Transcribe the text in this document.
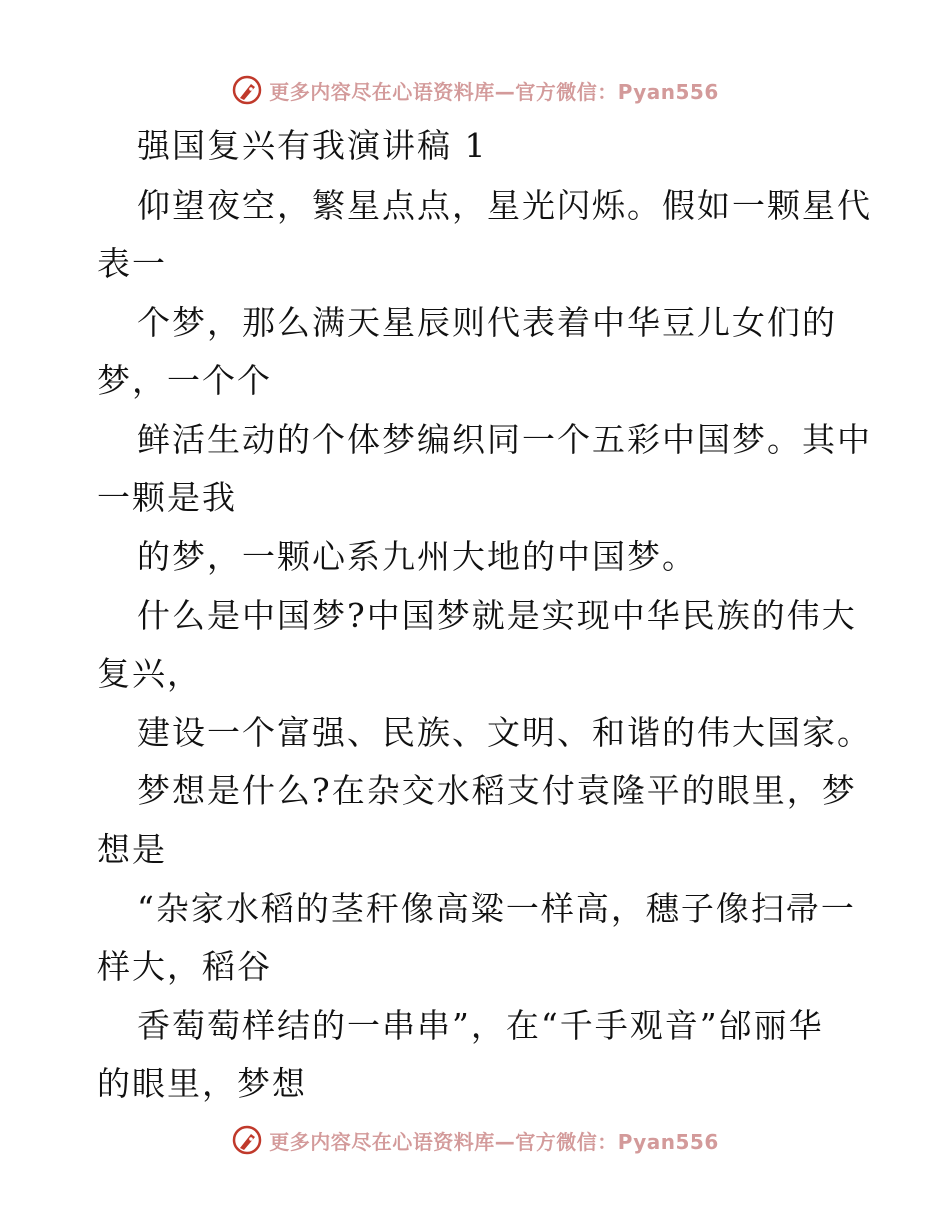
更多内容尽在心语资料库—官方微信：Pyan556
强国复兴有我演讲稿 1
仰望夜空，繁星点点，星光闪烁。假如一颗星代
表一
个梦，那么满天星辰则代表着中华豆儿女们的
梦，一个个
鲜活生动的个体梦编织同一个五彩中国梦。其中
一颗是我
的梦，一颗心系九州大地的中国梦。
什么是中国梦?中国梦就是实现中华民族的伟大
复兴，
建设一个富强、民族、文明、和谐的伟大国家。
梦想是什么?在杂交水稻支付袁隆平的眼里，梦
想是
“杂家水稻的茎秆像高粱一样高，穗子像扫帚一
样大，稻谷
香萄萄样结的一串串”，在“千手观音”邰丽华
的眼里，梦想
更多内容尽在心语资料库—官方微信：Pyan556
